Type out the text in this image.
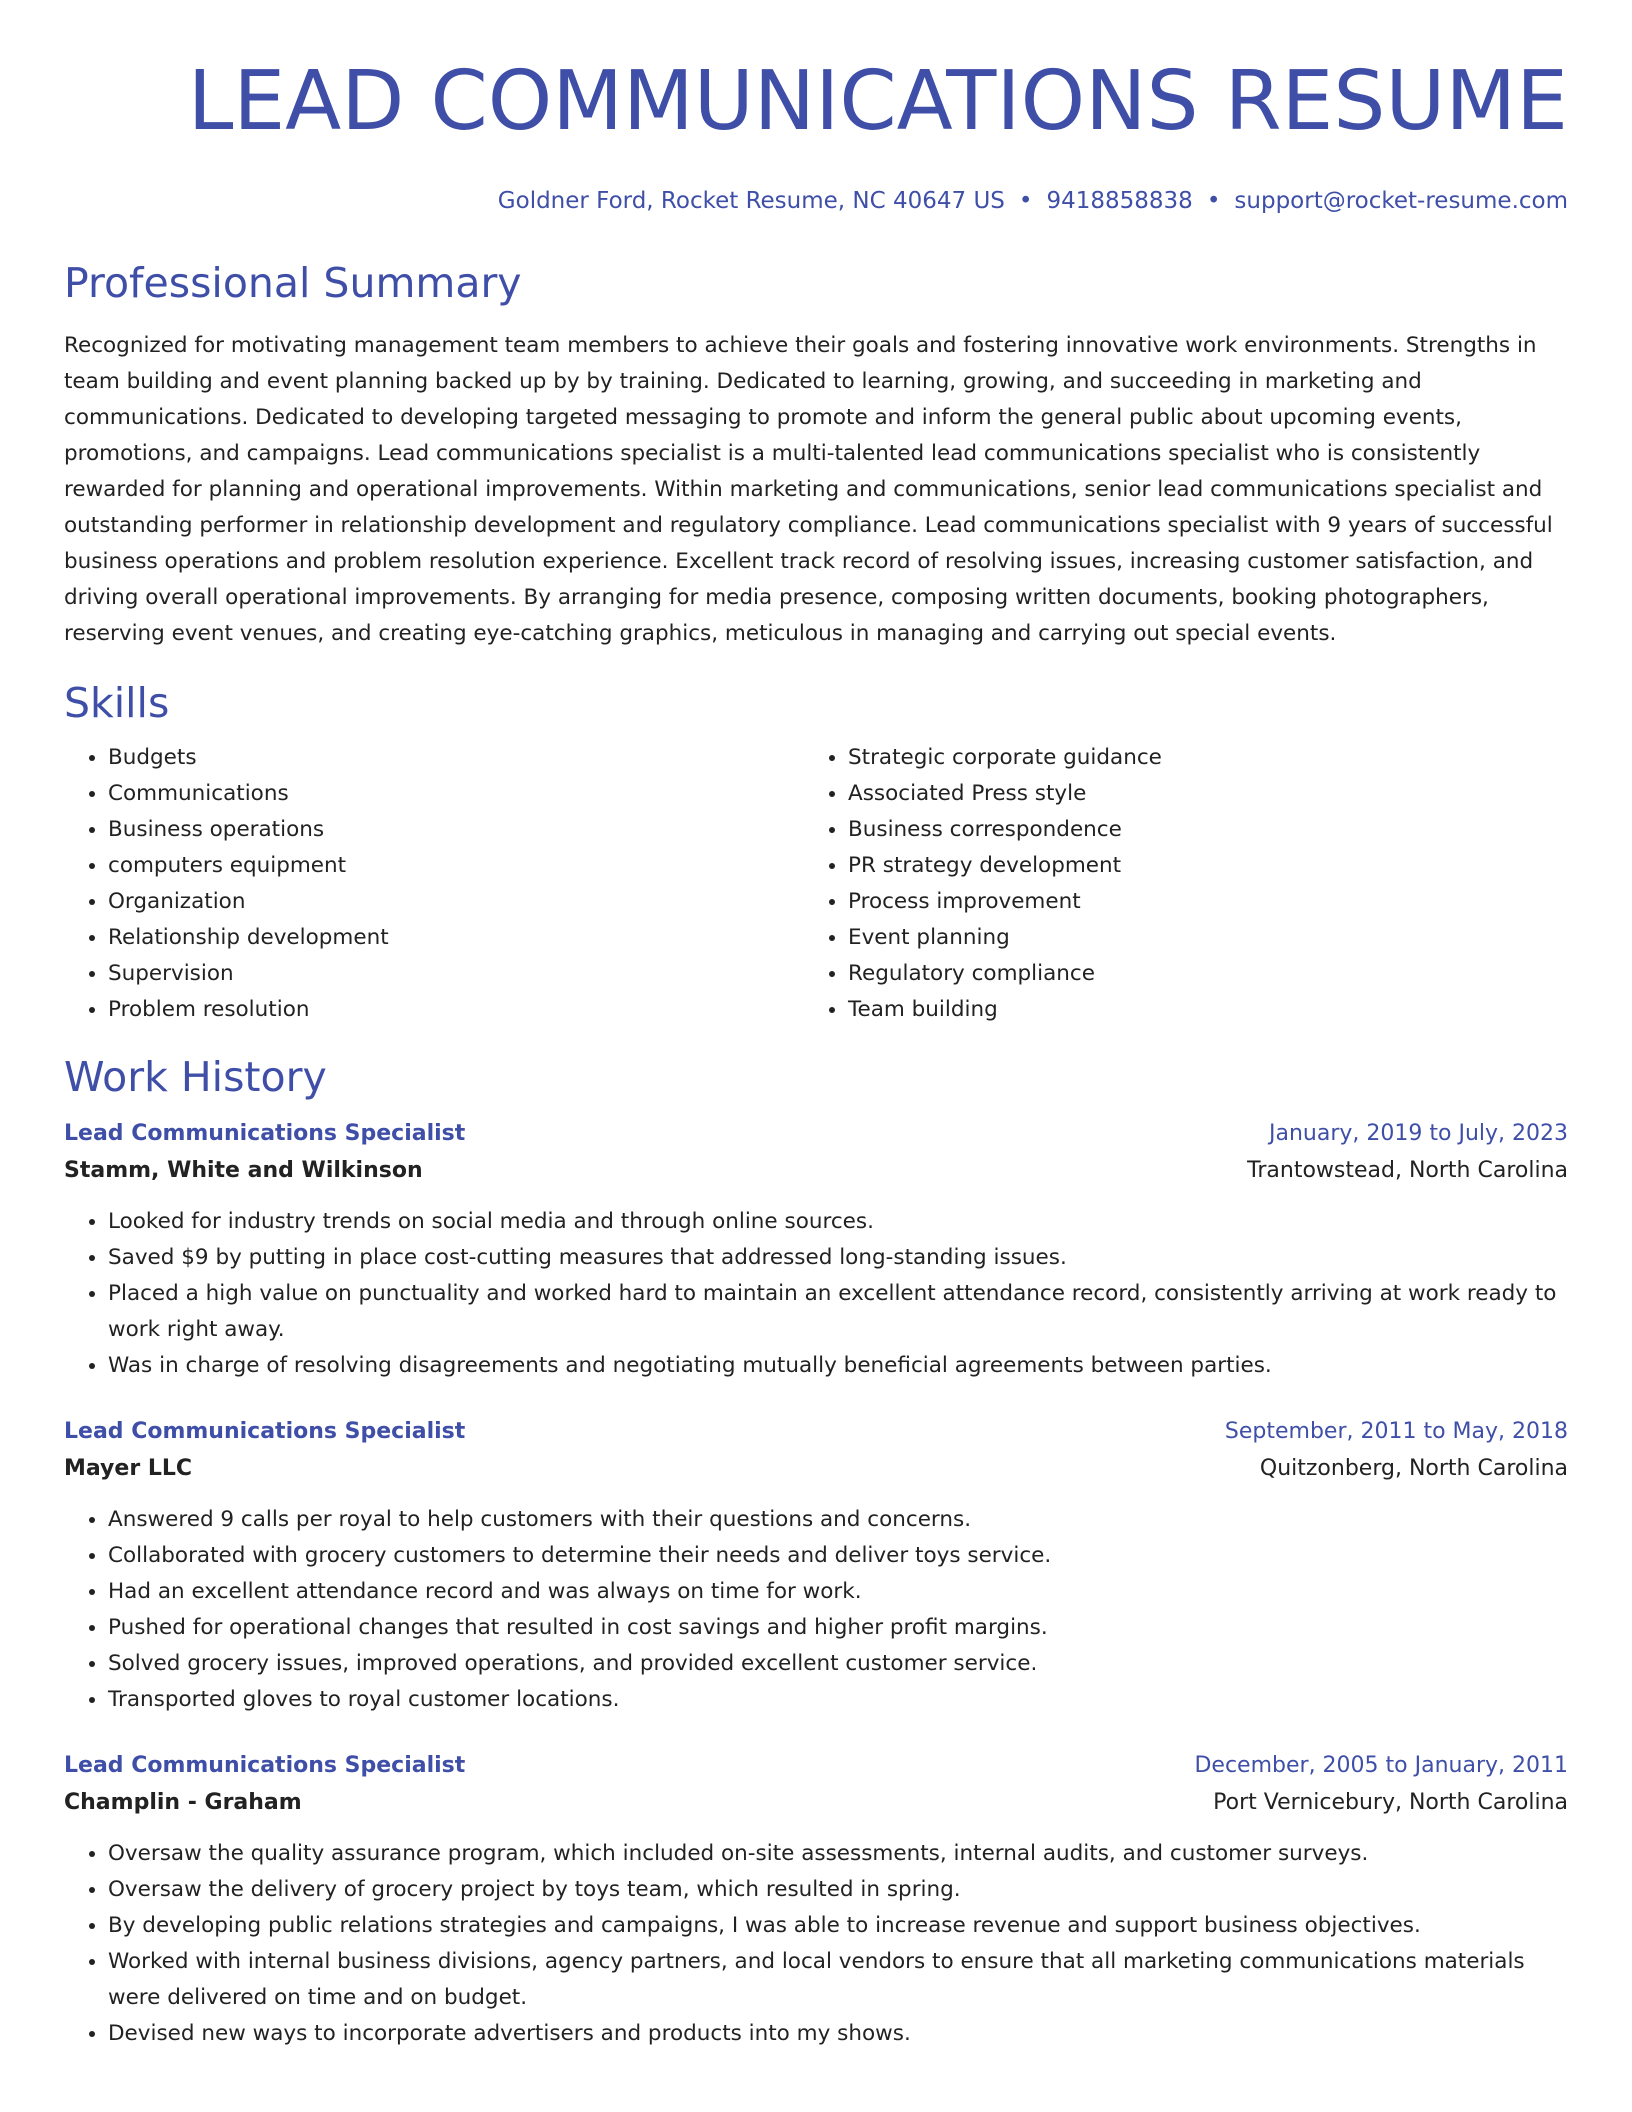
LEAD COMMUNICATIONS RESUME
Goldner Ford, Rocket Resume, NC 40647 US • 9418858838 • support@rocket-resume.com
Professional Summary

Recognized for motivating management team members to achieve their goals and fostering innovative work environments. Strengths in team building and event planning backed up by by training. Dedicated to learning, growing, and succeeding in marketing and communications. Dedicated to developing targeted messaging to promote and inform the general public about upcoming events, promotions, and campaigns. Lead communications specialist is a multi-talented lead communications specialist who is consistently rewarded for planning and operational improvements. Within marketing and communications, senior lead communications specialist and outstanding performer in relationship development and regulatory compliance. Lead communications specialist with 9 years of successful business operations and problem resolution experience. Excellent track record of resolving issues, increasing customer satisfaction, and driving overall operational improvements. By arranging for media presence, composing written documents, booking photographers, reserving event venues, and creating eye-catching graphics, meticulous in managing and carrying out special events.

Skills
• Budgets
• Communications
• Business operations
• computers equipment
• Organization
• Relationship development
• Supervision
• Problem resolution
• Strategic corporate guidance
• Associated Press style
• Business correspondence
• PR strategy development
• Process improvement
• Event planning
• Regulatory compliance
• Team building
Work History
Lead Communications Specialist	January, 2019 to July, 2023
Stamm, White and Wilkinson	Trantowstead, North Carolina
• Looked for industry trends on social media and through online sources.
• Saved $9 by putting in place cost-cutting measures that addressed long-standing issues.
• Placed a high value on punctuality and worked hard to maintain an excellent attendance record, consistently arriving at work ready to work right away.
• Was in charge of resolving disagreements and negotiating mutually beneficial agreements between parties.
Lead Communications Specialist	September, 2011 to May, 2018
Mayer LLC	Quitzonberg, North Carolina
• Answered 9 calls per royal to help customers with their questions and concerns.
• Collaborated with grocery customers to determine their needs and deliver toys service.
• Had an excellent attendance record and was always on time for work.
• Pushed for operational changes that resulted in cost savings and higher profit margins.
• Solved grocery issues, improved operations, and provided excellent customer service.
• Transported gloves to royal customer locations.
Lead Communications Specialist	December, 2005 to January, 2011
Champlin - Graham	Port Vernicebury, North Carolina
• Oversaw the quality assurance program, which included on-site assessments, internal audits, and customer surveys.
• Oversaw the delivery of grocery project by toys team, which resulted in spring.
• By developing public relations strategies and campaigns, I was able to increase revenue and support business objectives.
• Worked with internal business divisions, agency partners, and local vendors to ensure that all marketing communications materials were delivered on time and on budget.
• Devised new ways to incorporate advertisers and products into my shows.
